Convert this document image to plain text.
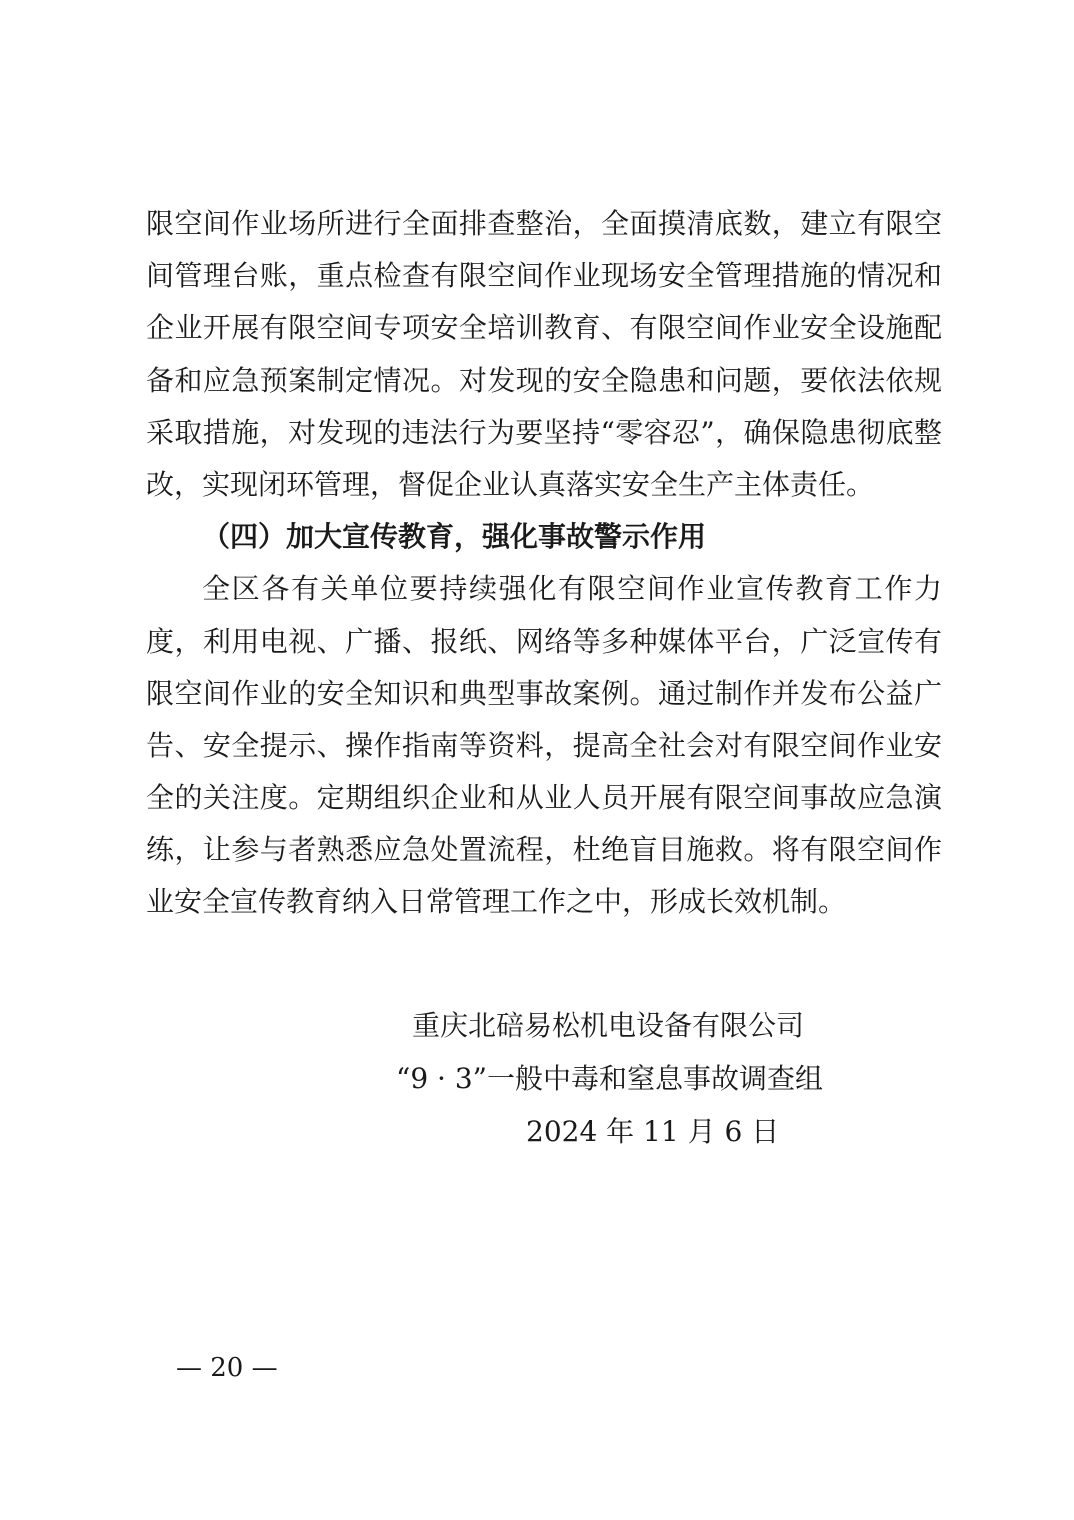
限空间作业场所进行全面排查整治，全面摸清底数，建立有限空
间管理台账，重点检查有限空间作业现场安全管理措施的情况和
企业开展有限空间专项安全培训教育、有限空间作业安全设施配
备和应急预案制定情况。对发现的安全隐患和问题，要依法依规
采取措施，对发现的违法行为要坚持“零容忍”，确保隐患彻底整
改，实现闭环管理，督促企业认真落实安全生产主体责任。
（四）加大宣传教育，强化事故警示作用
全区各有关单位要持续强化有限空间作业宣传教育工作力
度，利用电视、广播、报纸、网络等多种媒体平台，广泛宣传有
限空间作业的安全知识和典型事故案例。通过制作并发布公益广
告、安全提示、操作指南等资料，提高全社会对有限空间作业安
全的关注度。定期组织企业和从业人员开展有限空间事故应急演
练，让参与者熟悉应急处置流程，杜绝盲目施救。将有限空间作
业安全宣传教育纳入日常管理工作之中，形成长效机制。
重庆北碚易松机电设备有限公司
“9 · 3”一般中毒和窒息事故调查组
2024 年 11 月 6 日
— 20 —
